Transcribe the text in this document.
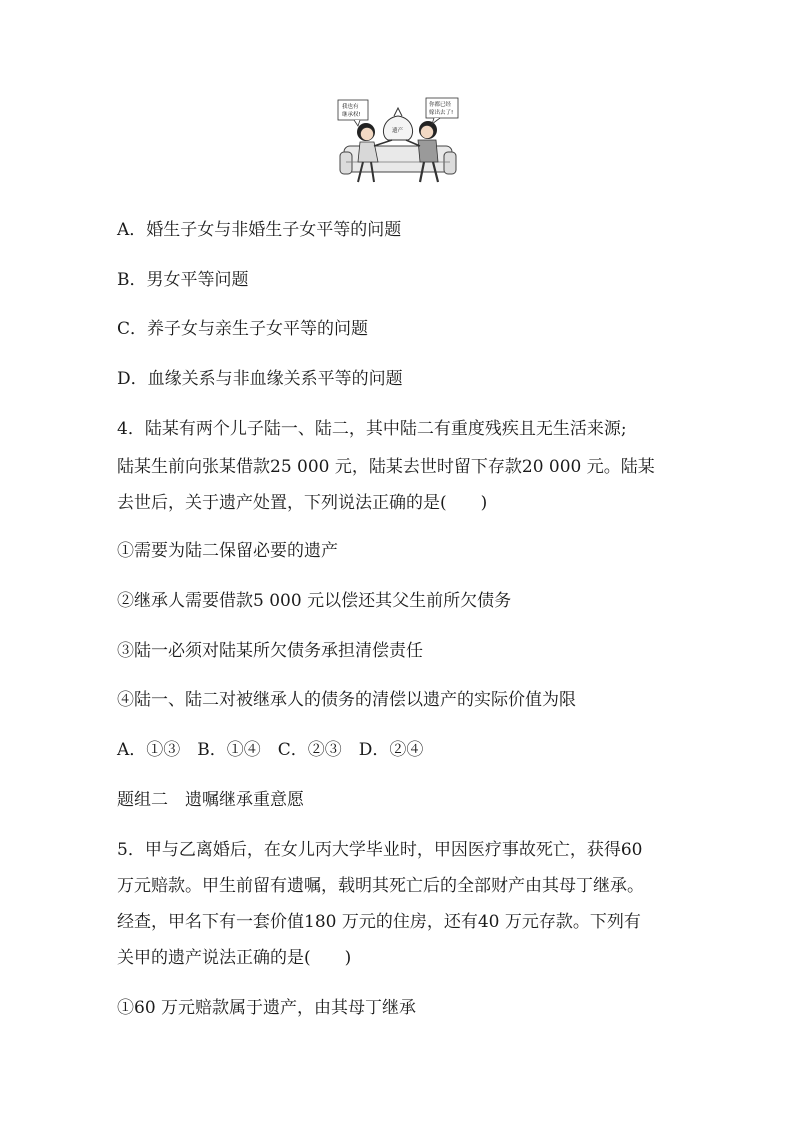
遗产
我也有
继承权!
你都已经
嫁出去了!
A．婚生子女与非婚生子女平等的问题
B．男女平等问题
C．养子女与亲生子女平等的问题
D．血缘关系与非血缘关系平等的问题
4．陆某有两个儿子陆一、陆二，其中陆二有重度残疾且无生活来源;
陆某生前向张某借款25 000 元，陆某去世时留下存款20 000 元。陆某
去世后，关于遗产处置，下列说法正确的是(　　)
①需要为陆二保留必要的遗产
②继承人需要借款5 000 元以偿还其父生前所欠债务
③陆一必须对陆某所欠债务承担清偿责任
④陆一、陆二对被继承人的债务的清偿以遗产的实际价值为限
A．①③　B．①④　C．②③　D．②④
题组二　遗嘱继承重意愿
5．甲与乙离婚后，在女儿丙大学毕业时，甲因医疗事故死亡，获得60
万元赔款。甲生前留有遗嘱，载明其死亡后的全部财产由其母丁继承。
经查，甲名下有一套价值180 万元的住房，还有40 万元存款。下列有
关甲的遗产说法正确的是(　　)
①60 万元赔款属于遗产，由其母丁继承
